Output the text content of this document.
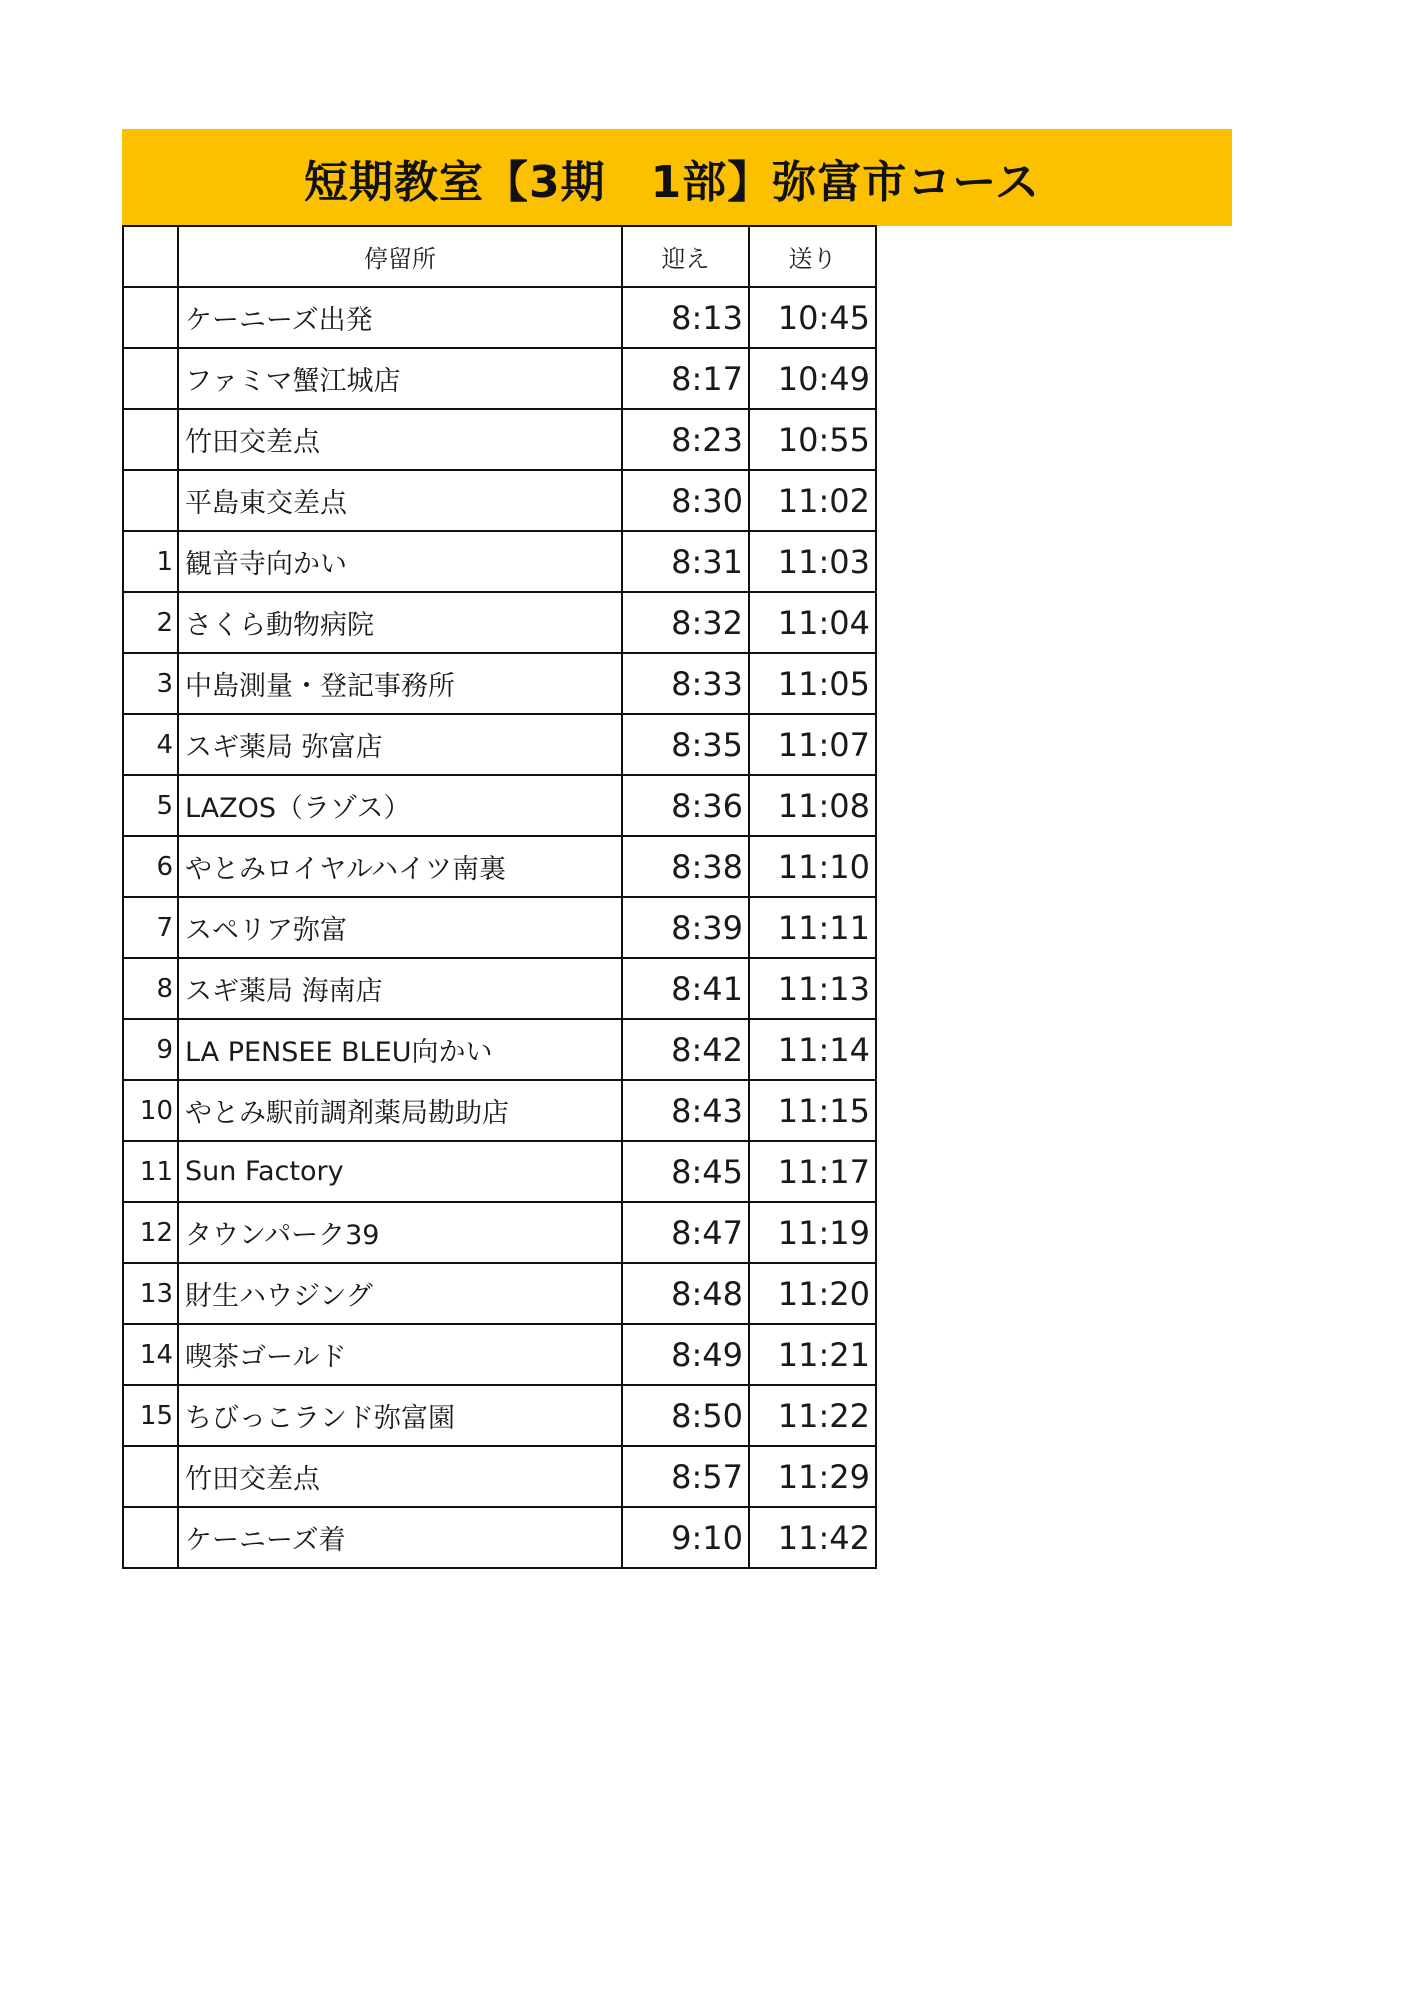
短期教室【3期　1部】弥富市コース
	停留所	迎え	送り
	ケーニーズ出発	8:13	10:45
	ファミマ蟹江城店	8:17	10:49
	竹田交差点	8:23	10:55
	平島東交差点	8:30	11:02
1	観音寺向かい	8:31	11:03
2	さくら動物病院	8:32	11:04
3	中島測量・登記事務所	8:33	11:05
4	スギ薬局 弥富店	8:35	11:07
5	LAZOS（ラゾス）	8:36	11:08
6	やとみロイヤルハイツ南裏	8:38	11:10
7	スペリア弥富	8:39	11:11
8	スギ薬局 海南店	8:41	11:13
9	LA PENSEE BLEU向かい	8:42	11:14
10	やとみ駅前調剤薬局勘助店	8:43	11:15
11	Sun Factory	8:45	11:17
12	タウンパーク39	8:47	11:19
13	財生ハウジング	8:48	11:20
14	喫茶ゴールド	8:49	11:21
15	ちびっこランド弥富園	8:50	11:22
	竹田交差点	8:57	11:29
	ケーニーズ着	9:10	11:42
